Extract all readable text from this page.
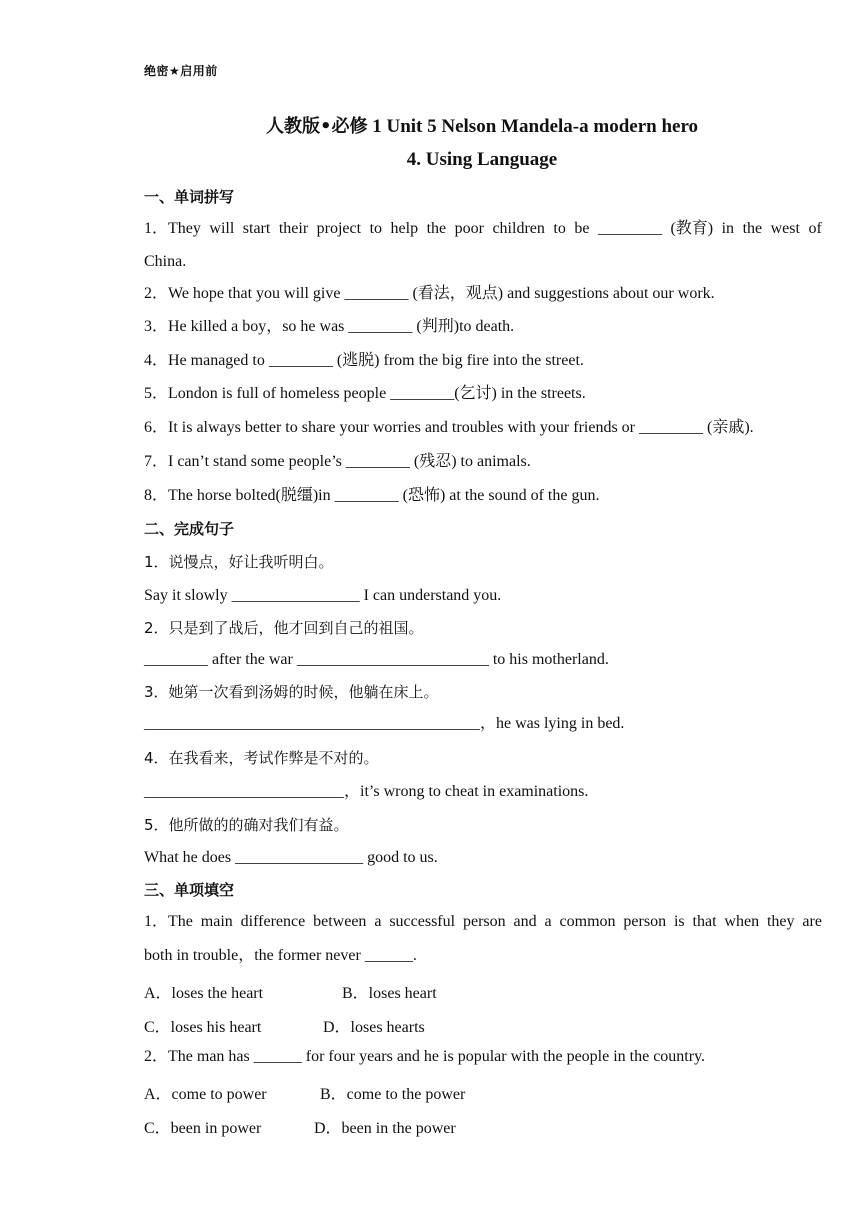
绝密★启用前
人教版•必修 1 Unit 5 Nelson Mandela-a modern hero
4. Using Language
一、单词拼写
1．They will start their project to help the poor children to be ________ (教育) in the west of
China.
2．We hope that you will give ________ (看法，观点) and suggestions about our work.
3．He killed a boy，so he was ________ (判刑)to death.
4．He managed to ________ (逃脱) from the big fire into the street.
5．London is full of homeless people ________(乞讨) in the streets.
6．It is always better to share your worries and troubles with your friends or ________ (亲戚).
7．I can’t stand some people’s ________ (残忍) to animals.
8．The horse bolted(脱缰)in ________ (恐怖) at the sound of the gun.
二、完成句子
1．说慢点，好让我听明白。
Say it slowly ________________ I can understand you.
2．只是到了战后，他才回到自己的祖国。
________ after the war ________________________ to his motherland.
3．她第一次看到汤姆的时候，他躺在床上。
__________________________________________，he was lying in bed.
4．在我看来，考试作弊是不对的。
_________________________，it’s wrong to cheat in examinations.
5．他所做的的确对我们有益。
What he does ________________ good to us.
三、单项填空
1．The main difference between a successful person and a common person is that when they are
both in trouble，the former never ______.
A．loses the heart	B．loses heart
C．loses his heart	D．loses hearts
2．The man has ______ for four years and he is popular with the people in the country.
A．come to power	B．come to the power
C．been in power	D．been in the power
